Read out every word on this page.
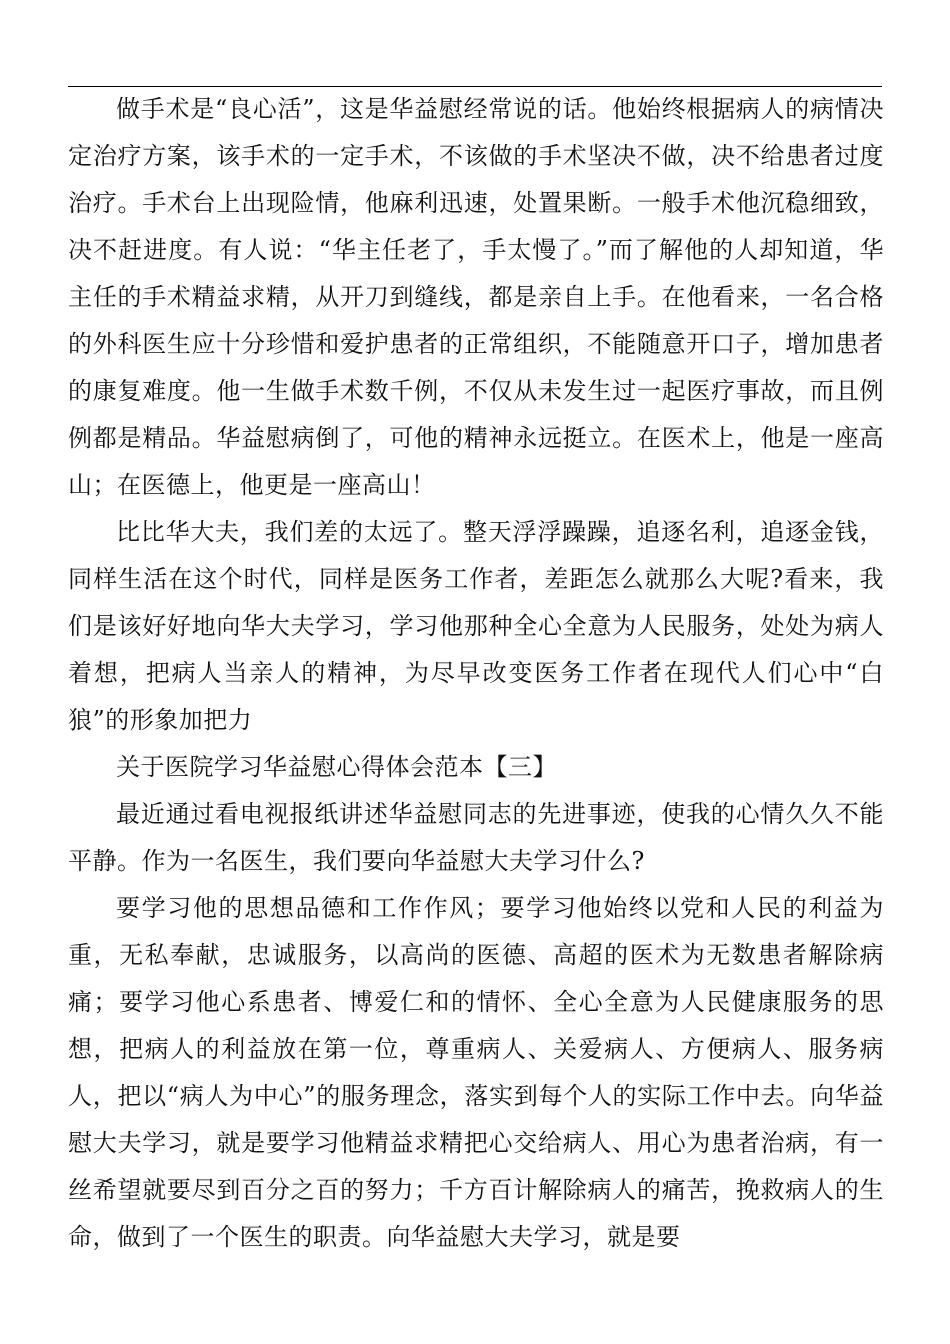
做手术是“良心活”，这是华益慰经常说的话。他始终根据病人的病情决定治疗方案，该手术的一定手术，不该做的手术坚决不做，决不给患者过度治疗。手术台上出现险情，他麻利迅速，处置果断。一般手术他沉稳细致，决不赶进度。有人说：“华主任老了，手太慢了。”而了解他的人却知道，华主任的手术精益求精，从开刀到缝线，都是亲自上手。在他看来，一名合格的外科医生应十分珍惜和爱护患者的正常组织，不能随意开口子，增加患者的康复难度。他一生做手术数千例，不仅从未发生过一起医疗事故，而且例例都是精品。华益慰病倒了，可他的精神永远挺立。在医术上，他是一座高山；在医德上，他更是一座高山！

比比华大夫，我们差的太远了。整天浮浮躁躁，追逐名利，追逐金钱，同样生活在这个时代，同样是医务工作者，差距怎么就那么大呢?看来，我们是该好好地向华大夫学习，学习他那种全心全意为人民服务，处处为病人着想，把病人当亲人的精神，为尽早改变医务工作者在现代人们心中“白狼”的形象加把力

关于医院学习华益慰心得体会范本【三】

最近通过看电视报纸讲述华益慰同志的先进事迹，使我的心情久久不能平静。作为一名医生，我们要向华益慰大夫学习什么?

要学习他的思想品德和工作作风；要学习他始终以党和人民的利益为重，无私奉献，忠诚服务，以高尚的医德、高超的医术为无数患者解除病痛；要学习他心系患者、博爱仁和的情怀、全心全意为人民健康服务的思想，把病人的利益放在第一位，尊重病人、关爱病人、方便病人、服务病人，把以“病人为中心”的服务理念，落实到每个人的实际工作中去。向华益慰大夫学习，就是要学习他精益求精把心交给病人、用心为患者治病，有一丝希望就要尽到百分之百的努力；千方百计解除病人的痛苦，挽救病人的生命，做到了一个医生的职责。向华益慰大夫学习，就是要
